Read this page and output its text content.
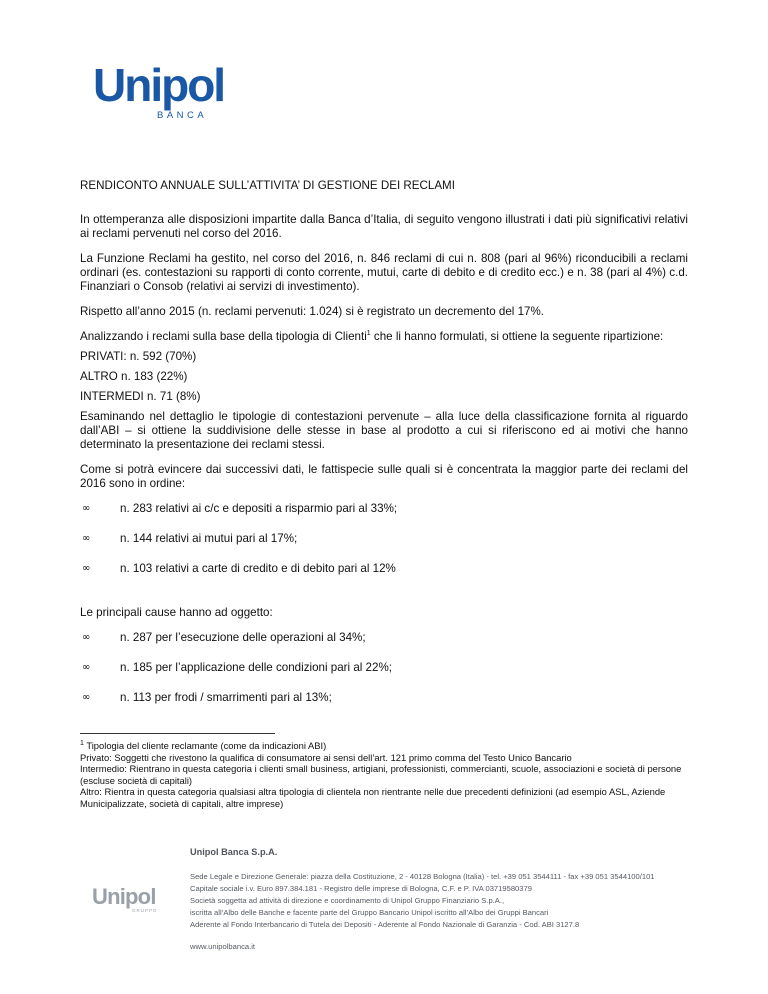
Unipol
BANCA

RENDICONTO ANNUALE SULL’ATTIVITA’ DI GESTIONE DEI RECLAMI

In ottemperanza alle disposizioni impartite dalla Banca d’Italia, di seguito vengono illustrati i dati più significativi relativi ai reclami pervenuti nel corso del 2016.

La Funzione Reclami ha gestito, nel corso del 2016, n. 846 reclami di cui n. 808 (pari al 96%) riconducibili a reclami ordinari (es. contestazioni su rapporti di conto corrente, mutui, carte di debito e di credito ecc.) e n. 38 (pari al 4%) c.d. Finanziari o Consob (relativi ai servizi di investimento).

Rispetto all’anno 2015 (n. reclami pervenuti: 1.024) si è registrato un decremento del 17%.

Analizzando i reclami sulla base della tipologia di Clienti$^1$ che li hanno formulati, si ottiene la seguente ripartizione:

PRIVATI: n. 592 (70%)

ALTRO n. 183 (22%)

INTERMEDI n. 71 (8%)

Esaminando nel dettaglio le tipologie di contestazioni pervenute – alla luce della classificazione fornita al riguardo dall’ABI – si ottiene la suddivisione delle stesse in base al prodotto a cui si riferiscono ed ai motivi che hanno determinato la presentazione dei reclami stessi.

Come si potrà evincere dai successivi dati, le fattispecie sulle quali si è concentrata la maggior parte dei reclami del 2016 sono in ordine:

∞	n. 283 relativi ai c/c e depositi a risparmio pari al 33%;
∞	n. 144 relativi ai mutui pari al 17%;
∞	n. 103 relativi a carte di credito e di debito pari al 12%

Le principali cause hanno ad oggetto:

∞	n. 287 per l’esecuzione delle operazioni al 34%;
∞	n. 185 per l’applicazione delle condizioni pari al 22%;
∞	n. 113 per frodi / smarrimenti pari al 13%;
$^1$ Tipologia del cliente reclamante (come da indicazioni ABI)
Privato: Soggetti che rivestono la qualifica di consumatore ai sensi dell’art. 121 primo comma del Testo Unico Bancario
Intermedio: Rientrano in questa categoria i clienti small business, artigiani, professionisti, commercianti, scuole, associazioni e società di persone (escluse società di capitali)
Altro: Rientra in questa categoria qualsiasi altra tipologia di clientela non rientrante nelle due precedenti definizioni (ad esempio ASL, Aziende Municipalizzate, società di capitali, altre imprese)
Unipol
GRUPPO
Unipol Banca S.p.A.
Sede Legale e Direzione Generale: piazza della Costituzione, 2 - 40128 Bologna (Italia) - tel. +39 051 3544111 - fax +39 051 3544100/101
Capitale sociale i.v. Euro 897.384.181 - Registro delle imprese di Bologna, C.F. e P. IVA 03719580379
Società soggetta ad attività di direzione e coordinamento di Unipol Gruppo Finanziario S.p.A.,
iscritta all’Albo delle Banche e facente parte del Gruppo Bancario Unipol iscritto all’Albo dei Gruppi Bancari
Aderente al Fondo Interbancario di Tutela dei Depositi - Aderente al Fondo Nazionale di Garanzia - Cod. ABI 3127.8
www.unipolbanca.it
